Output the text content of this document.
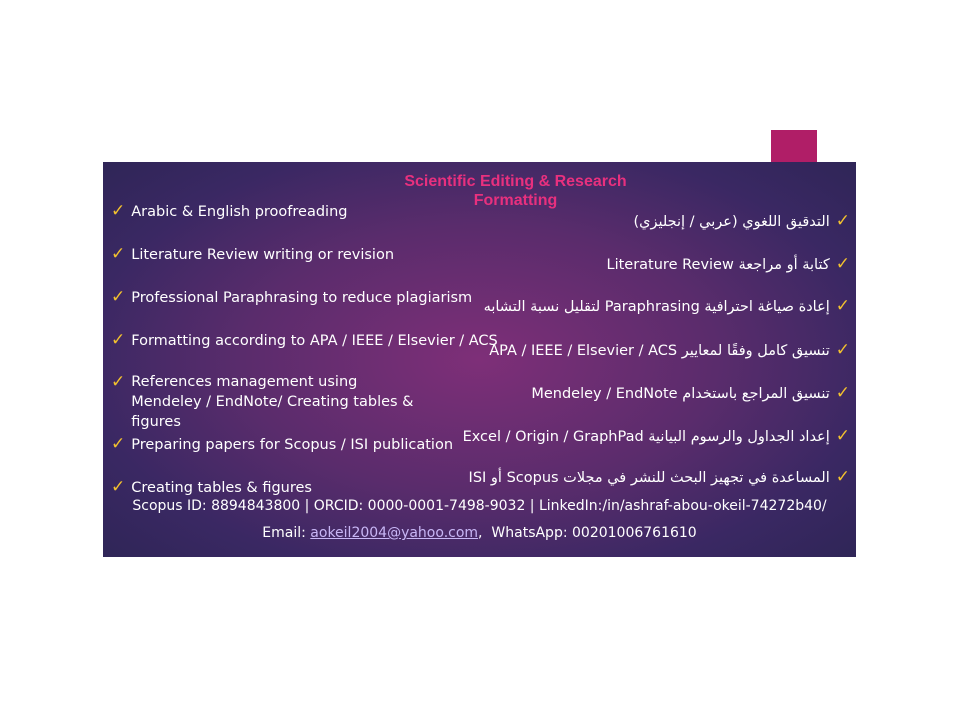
Scientific Editing & Research Formatting
✓ Arabic & English proofreading
✓ Literature Review writing or revision
✓ Professional Paraphrasing to reduce plagiarism
✓ Formatting according to APA / IEEE / Elsevier / ACS
✓ References management using Mendeley / EndNote/ Creating tables & figures
✓ Preparing papers for Scopus / ISI publication
✓ Creating tables & figures
✓التدقيق اللغوي (عربي / إنجليزي)
✓كتابة أو مراجعة Literature Review
✓إعادة صياغة احترافية Paraphrasing لتقليل نسبة التشابه
✓تنسيق كامل وفقًا لمعايير APA / IEEE / Elsevier / ACS
✓تنسيق المراجع باستخدام Mendeley / EndNote
✓إعداد الجداول والرسوم البيانية Excel / Origin / GraphPad
✓المساعدة في تجهيز البحث للنشر في مجلات Scopus أو ISI
Scopus ID: 8894843800 | ORCID: 0000-0001-7498-9032 | LinkedIn:/in/ashraf-abou-okeil-74272b40/
Email: aokeil2004@yahoo.com,  WhatsApp: 00201006761610
